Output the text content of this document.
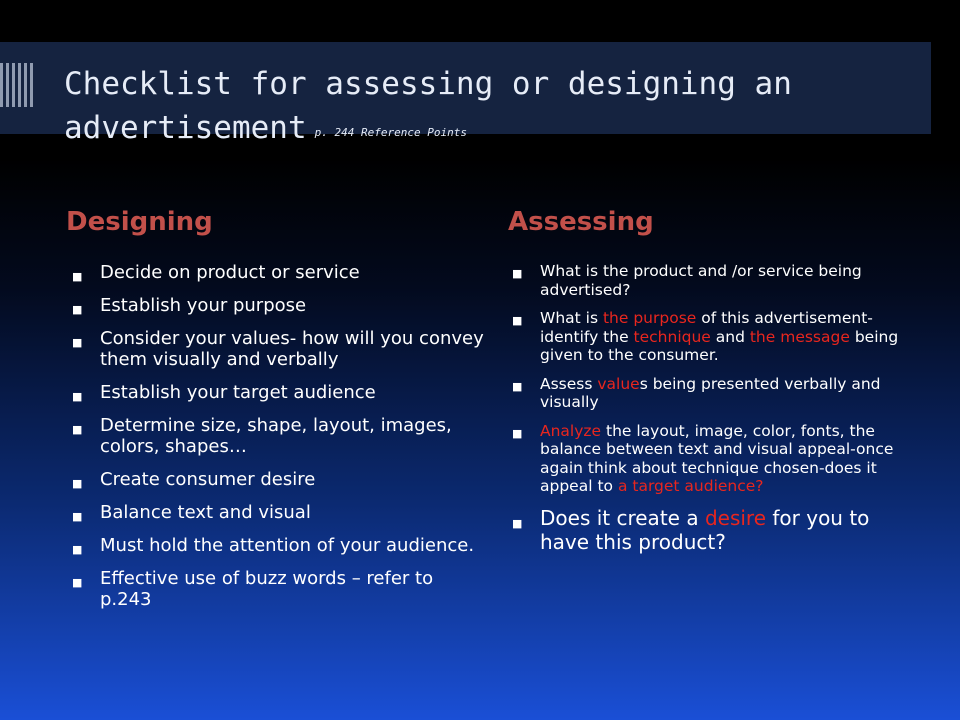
Checklist for assessing or designing an advertisement p. 244 Reference Points
Designing	Assessing
■ Decide on product or service
■ Establish your purpose
■ Consider your values- how will you convey them visually and verbally
■ Establish your target audience
■ Determine size, shape, layout, images, colors, shapes…
■ Create consumer desire
■ Balance text and visual
■ Must hold the attention of your audience.
■ Effective use of buzz words – refer to p.243
■ What is the product and /or service being advertised?
■ What is the purpose of this advertisement-identify the technique and the message being given to the consumer.
■ Assess values being presented verbally and visually
■ Analyze the layout, image, color, fonts, the balance between text and visual appeal-once again think about technique chosen-does it appeal to a target audience?
■ Does it create a desire for you to have this product?
